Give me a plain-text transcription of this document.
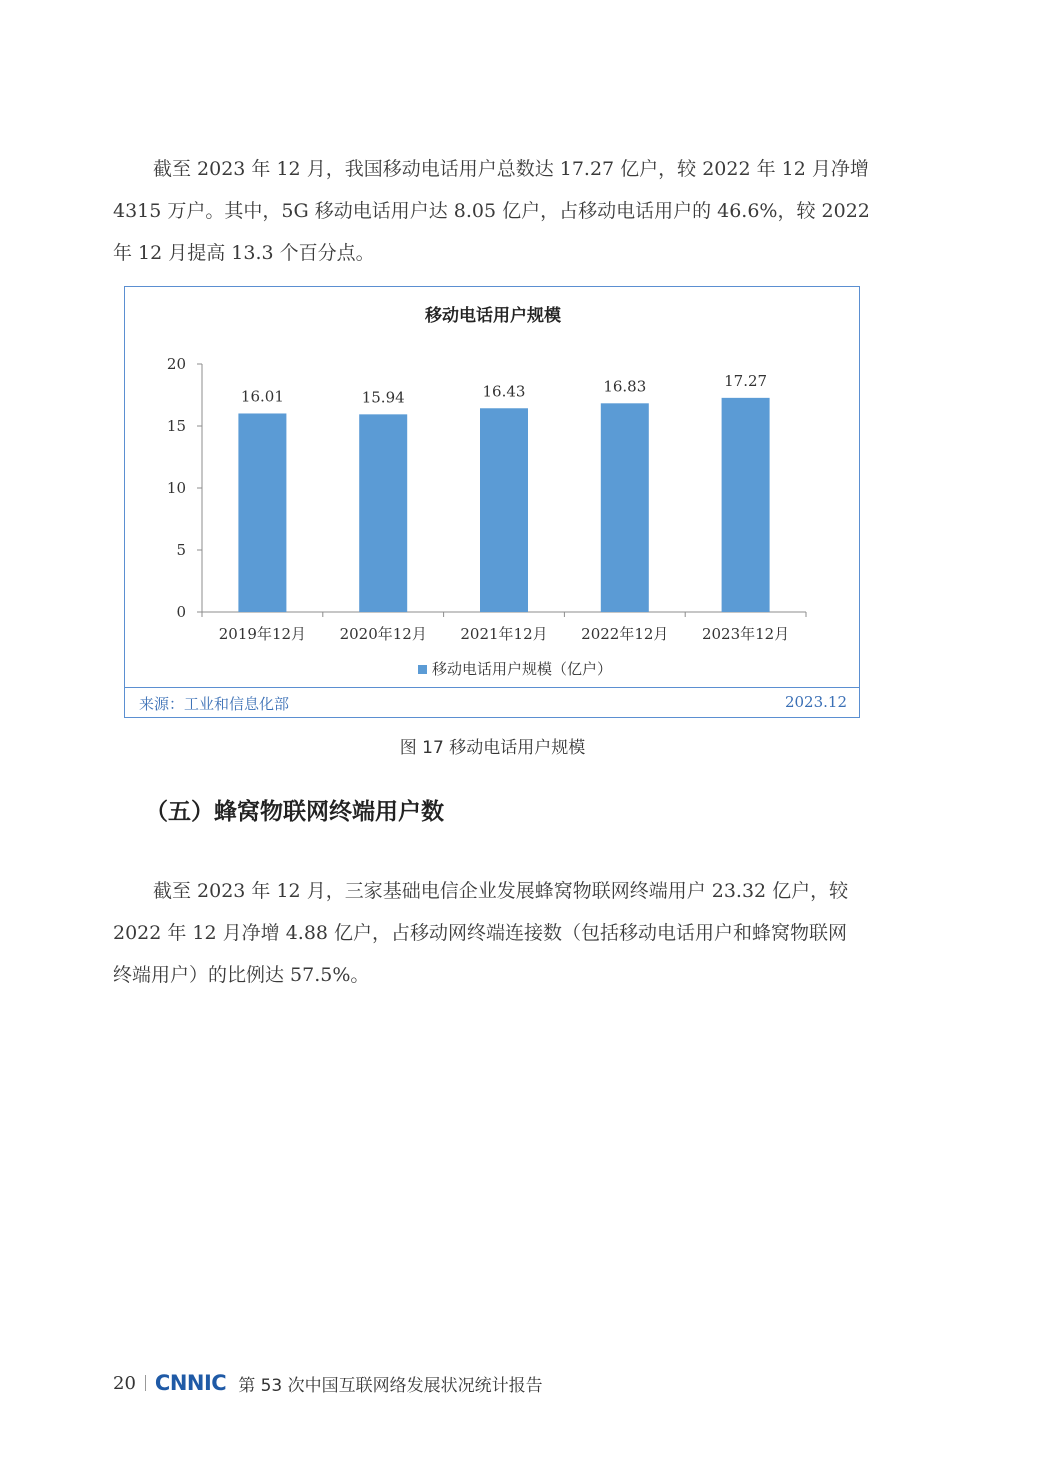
截至 2023 年 12 月，我国移动电话用户总数达 17.27 亿户，较 2022 年 12 月净增
4315 万户。其中，5G 移动电话用户达 8.05 亿户，占移动电话用户的 46.6%，较 2022
年 12 月提高 13.3 个百分点。
移动电话用户规模
0
5
10
15
20
16.01
2019年12月
15.94
2020年12月
16.43
2021年12月
16.83
2022年12月
17.27
2023年12月
移动电话用户规模（亿户）
来源：工业和信息化部	2023.12
图 17 移动电话用户规模
（五）蜂窝物联网终端用户数
截至 2023 年 12 月，三家基础电信企业发展蜂窝物联网终端用户 23.32 亿户，较
2022 年 12 月净增 4.88 亿户，占移动网终端连接数（包括移动电话用户和蜂窝物联网
终端用户）的比例达 57.5%。
20 CNNIC 第 53 次中国互联网络发展状况统计报告
